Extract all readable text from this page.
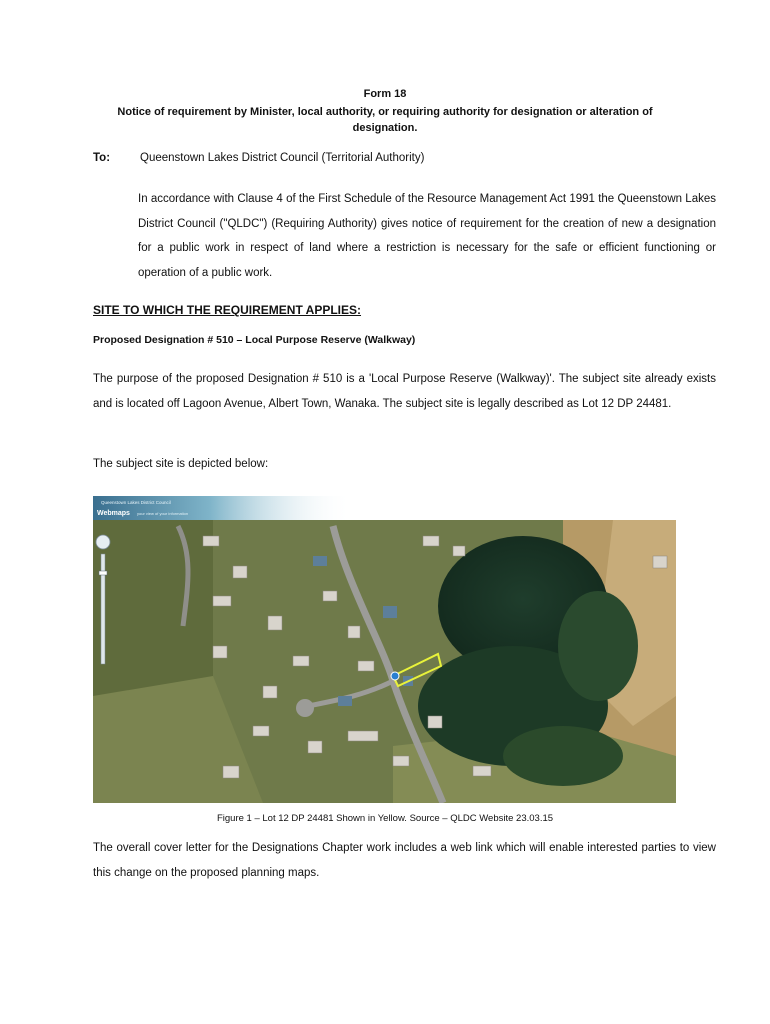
Form 18
Notice of requirement by Minister, local authority, or requiring authority for designation or alteration of designation.
To:	Queenstown Lakes District Council (Territorial Authority)

In accordance with Clause 4 of the First Schedule of the Resource Management Act 1991 the Queenstown Lakes District Council ("QLDC") (Requiring Authority) gives notice of requirement for the creation of new a designation for a public work in respect of land where a restriction is necessary for the safe or efficient functioning or operation of a public work.

SITE TO WHICH THE REQUIREMENT APPLIES:
Proposed Designation # 510 – Local Purpose Reserve (Walkway)

The purpose of the proposed Designation # 510 is a 'Local Purpose Reserve (Walkway)'. The subject site already exists and is located off Lagoon Avenue, Albert Town, Wanaka. The subject site is legally described as Lot 12 DP 24481.

The subject site is depicted below:
Queenstown Lakes District Council
Webmaps your view of your information
Figure 1 – Lot 12 DP 24481 Shown in Yellow. Source – QLDC Website 23.03.15

The overall cover letter for the Designations Chapter work includes a web link which will enable interested parties to view this change on the proposed planning maps.
